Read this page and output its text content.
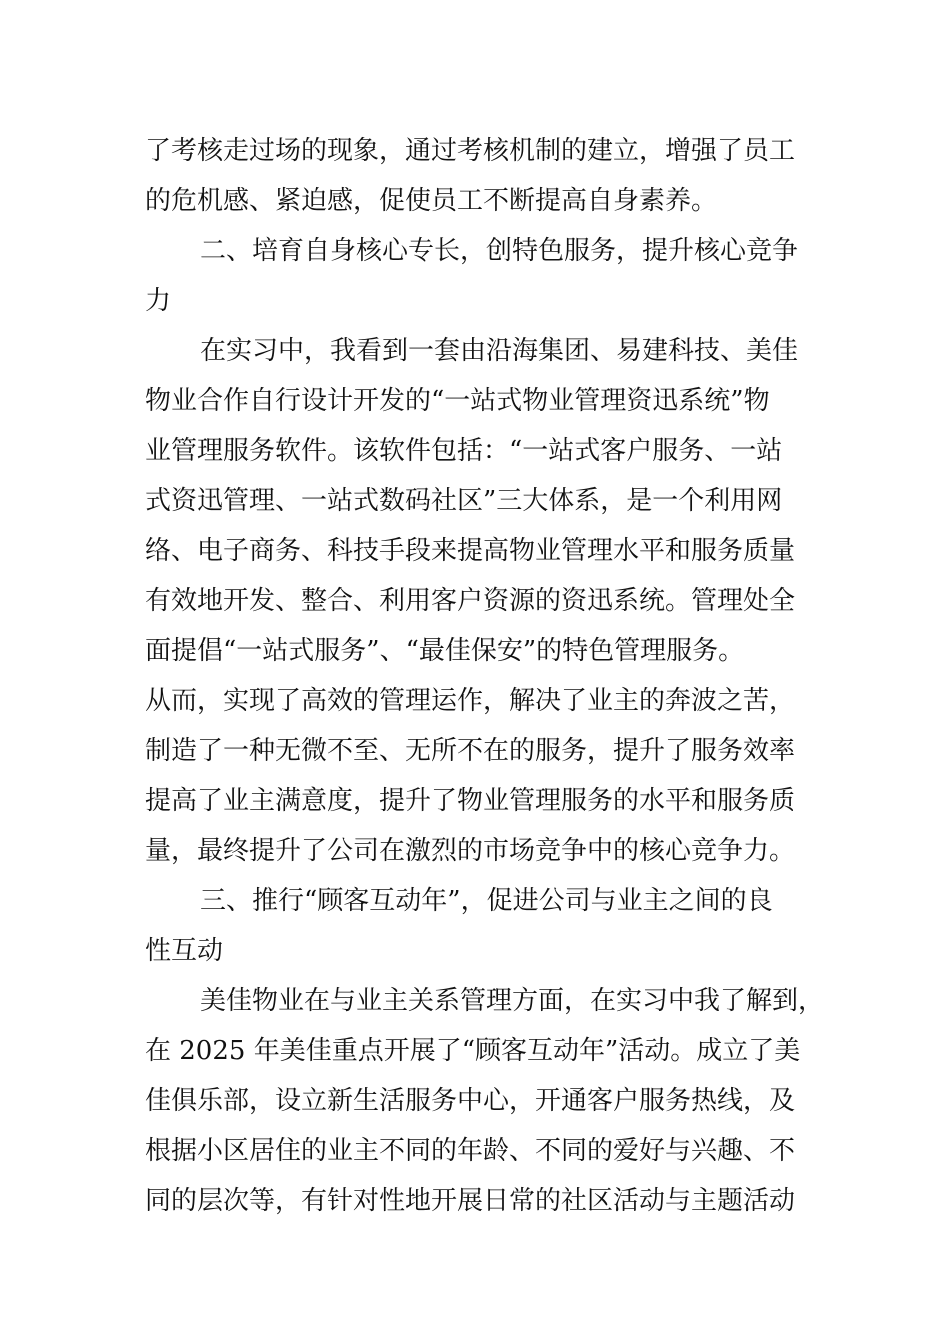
了考核走过场的现象，通过考核机制的建立，增强了员工
的危机感、紧迫感，促使员工不断提高自身素养。
二、培育自身核心专长，创特色服务，提升核心竞争
力
在实习中，我看到一套由沿海集团、易建科技、美佳
物业合作自行设计开发的“一站式物业管理资迅系统”物
业管理服务软件。该软件包括：“一站式客户服务、一站
式资迅管理、一站式数码社区”三大体系，是一个利用网
络、电子商务、科技手段来提高物业管理水平和服务质量
有效地开发、整合、利用客户资源的资迅系统。管理处全
面提倡“一站式服务”、“最佳保安”的特色管理服务。
从而，实现了高效的管理运作，解决了业主的奔波之苦，
制造了一种无微不至、无所不在的服务，提升了服务效率
提高了业主满意度，提升了物业管理服务的水平和服务质
量，最终提升了公司在激烈的市场竞争中的核心竞争力。
三、推行“顾客互动年”，促进公司与业主之间的良
性互动
美佳物业在与业主关系管理方面，在实习中我了解到，
在 2025 年美佳重点开展了“顾客互动年”活动。成立了美
佳俱乐部，设立新生活服务中心，开通客户服务热线，及
根据小区居住的业主不同的年龄、不同的爱好与兴趣、不
同的层次等，有针对性地开展日常的社区活动与主题活动
